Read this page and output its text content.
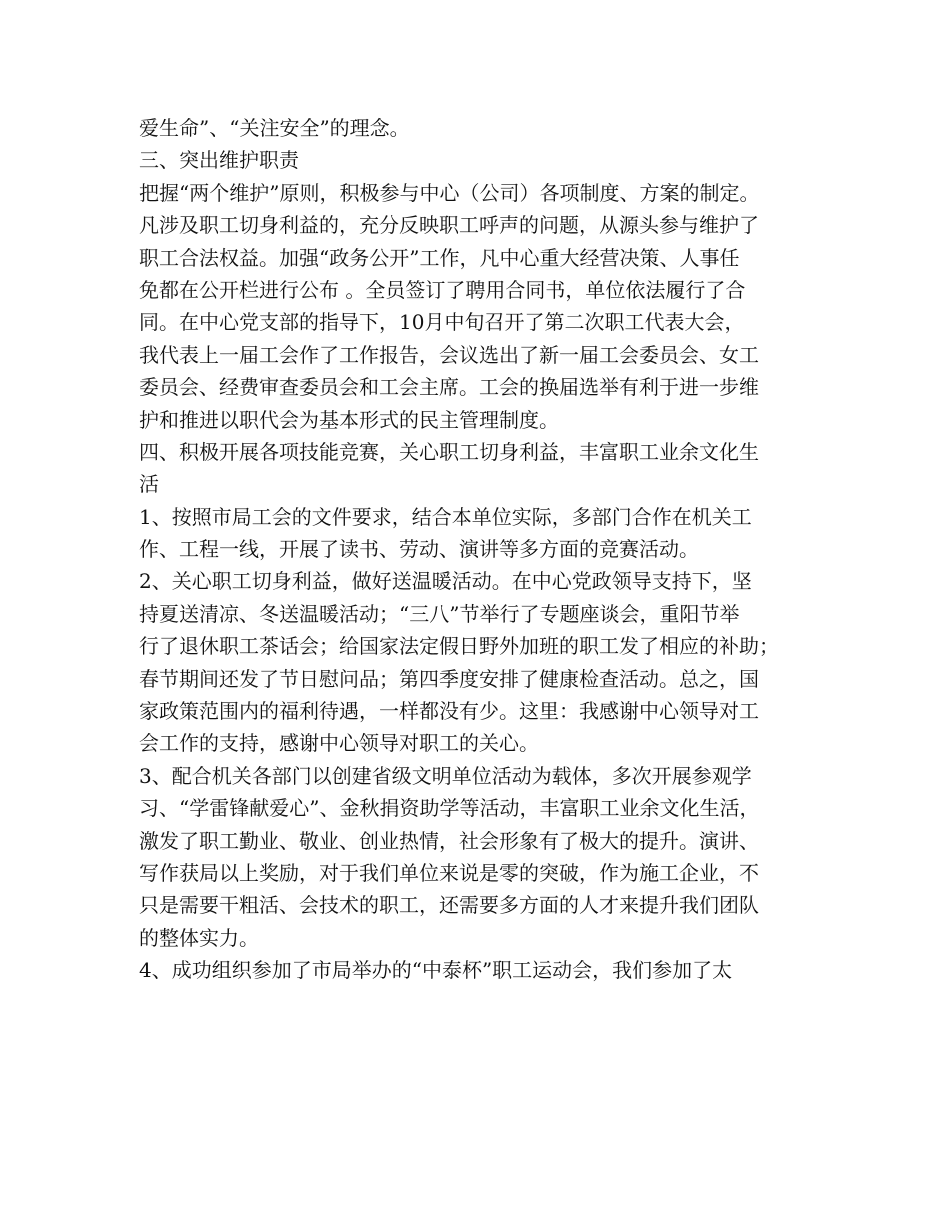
爱生命”、“关注安全”的理念。
三、突出维护职责
把握“两个维护”原则，积极参与中心（公司）各项制度、方案的制定。
凡涉及职工切身利益的，充分反映职工呼声的问题，从源头参与维护了
职工合法权益。加强“政务公开”工作，凡中心重大经营决策、人事任
免都在公开栏进行公布 。全员签订了聘用合同书，单位依法履行了合
同。在中心党支部的指导下，10月中旬召开了第二次职工代表大会，
我代表上一届工会作了工作报告，会议选出了新一届工会委员会、女工
委员会、经费审查委员会和工会主席。工会的换届选举有利于进一步维
护和推进以职代会为基本形式的民主管理制度。
四、积极开展各项技能竞赛，关心职工切身利益，丰富职工业余文化生
活
1、按照市局工会的文件要求，结合本单位实际，多部门合作在机关工
作、工程一线，开展了读书、劳动、演讲等多方面的竞赛活动。
2、关心职工切身利益，做好送温暖活动。在中心党政领导支持下，坚
持夏送清凉、冬送温暖活动；“三八”节举行了专题座谈会，重阳节举
行了退休职工茶话会；给国家法定假日野外加班的职工发了相应的补助；
春节期间还发了节日慰问品；第四季度安排了健康检查活动。总之，国
家政策范围内的福利待遇，一样都没有少。这里：我感谢中心领导对工
会工作的支持，感谢中心领导对职工的关心。
3、配合机关各部门以创建省级文明单位活动为载体，多次开展参观学
习、“学雷锋献爱心”、金秋捐资助学等活动，丰富职工业余文化生活，
激发了职工勤业、敬业、创业热情，社会形象有了极大的提升。演讲、
写作获局以上奖励，对于我们单位来说是零的突破，作为施工企业，不
只是需要干粗活、会技术的职工，还需要多方面的人才来提升我们团队
的整体实力。
4、成功组织参加了市局举办的“中泰杯”职工运动会，我们参加了太
